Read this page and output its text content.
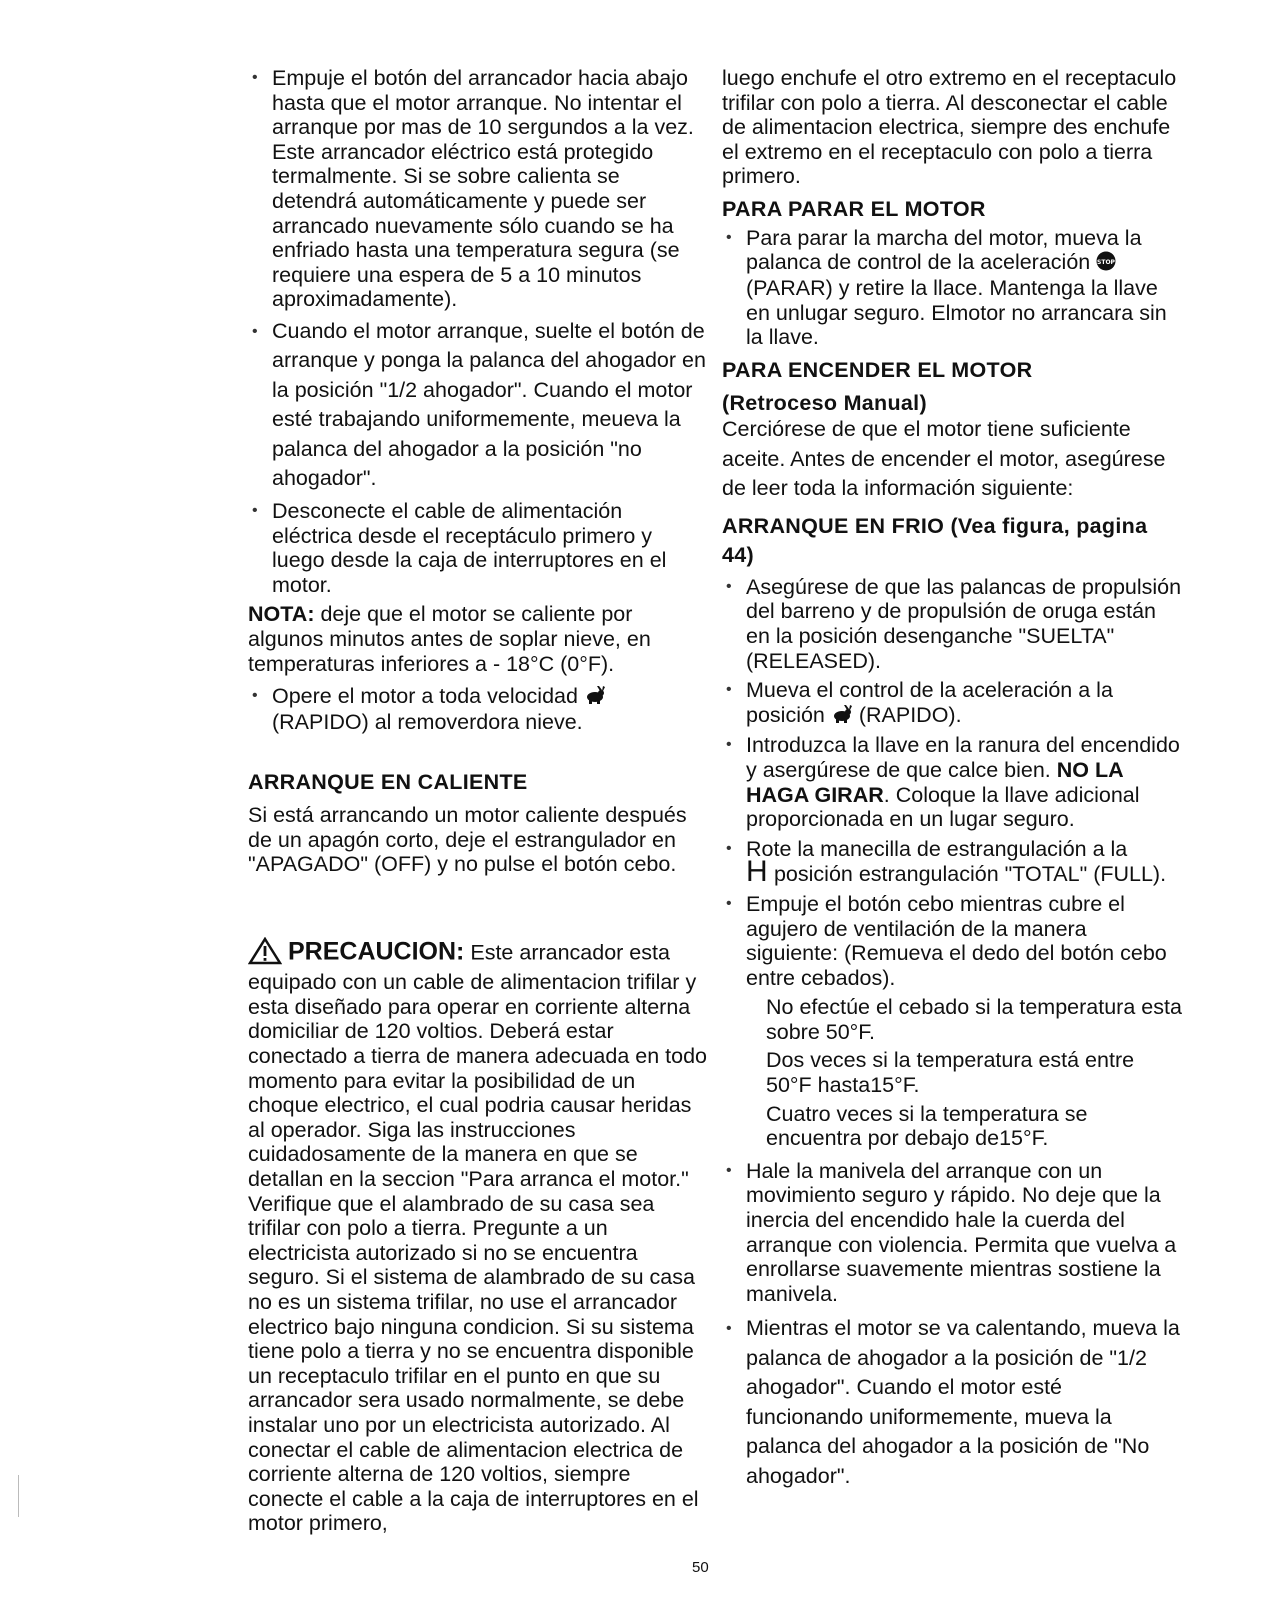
• Empuje el botón del arrancador hacia abajo hasta que el motor arranque. No intentar el arranque por mas de 10 sergundos a la vez. Este arrancador eléctrico está protegido termalmente. Si se sobre calienta se detendrá automáticamente y puede ser arrancado nuevamente sólo cuando se ha enfriado hasta una temperatura segura (se requiere una espera de 5 a 10 minutos aproximadamente).
• Cuando el motor arranque, suelte el botón de arranque y ponga la palanca del ahogador en la posición "1/2 ahogador". Cuando el motor esté trabajando uniformemente, meueva la palanca del ahogador a la posición "no ahogador".
• Desconecte el cable de alimentación eléctrica desde el receptáculo primero y luego desde la caja de interruptores en el motor.

NOTA: deje que el motor se caliente por algunos minutos antes de soplar nieve, en temperaturas inferiores a - 18°C (0°F).

• Opere el motor a toda velocidad  (RAPIDO) al removerdora nieve.

ARRANQUE EN CALIENTE

Si está arrancando un motor caliente después de un apagón corto, deje el estrangulador en "APAGADO" (OFF) y no pulse el botón cebo.

PRECAUCION: Este arrancador esta equipado con un cable de alimentacion trifilar y esta diseñado para operar en corriente alterna domiciliar de 120 voltios. Deberá estar conectado a tierra de manera adecuada en todo momento para evitar la posibilidad de un choque electrico, el cual podria causar heridas al operador. Siga las instrucciones cuidadosamente de la manera en que se detallan en la seccion "Para arranca el motor." Verifique que el alambrado de su casa sea trifilar con polo a tierra. Pregunte a un electricista autorizado si no se encuentra seguro. Si el sistema de alambrado de su casa no es un sistema trifilar, no use el arrancador electrico bajo ninguna condicion. Si su sistema tiene polo a tierra y no se encuentra disponible un receptaculo trifilar en el punto en que su arrancador sera usado normalmente, se debe instalar uno por un electricista autorizado. Al conectar el cable de alimentacion electrica de corriente alterna de 120 voltios, siempre conecte el cable a la caja de interruptores en el motor primero,

luego enchufe el otro extremo en el receptaculo trifilar con polo a tierra. Al desconectar el cable de alimentacion electrica, siempre des enchufe el extremo en el receptaculo con polo a tierra primero.

PARA PARAR EL MOTOR

• Para parar la marcha del motor, mueva la palanca de control de la aceleración STOP
(PARAR) y retire la llace. Mantenga la llave en unlugar seguro. Elmotor no arrancara sin la llave.

PARA ENCENDER EL MOTOR

(Retroceso Manual)

Cerciórese de que el motor tiene suficiente aceite. Antes de encender el motor, asegúrese de leer toda la información siguiente:

ARRANQUE EN FRIO (Vea figura, pagina 44)

• Asegúrese de que las palancas de propulsión del barreno y de propulsión de oruga están en la posición desenganche "SUELTA" (RELEASED).
• Mueva el control de la aceleración a la posición  (RAPIDO).
• Introduzca la llave en la ranura del encendido y asergúrese de que calce bien. NO LA HAGA GIRAR. Coloque la llave adicional proporcionada en un lugar seguro.
• Rote la manecilla de estrangulación a la
H posición estrangulación "TOTAL" (FULL).
• Empuje el botón cebo mientras cubre el agujero de ventilación de la manera siguiente: (Remueva el dedo del botón cebo entre cebados).

No efectúe el cebado si la temperatura esta sobre 50°F.

Dos veces si la temperatura está entre 50°F hasta15°F.

Cuatro veces si la temperatura se encuentra por debajo de15°F.

• Hale la manivela del arranque con un movimiento seguro y rápido. No deje que la inercia del encendido hale la cuerda del arranque con violencia. Permita que vuelva a enrollarse suavemente mientras sostiene la manivela.
• Mientras el motor se va calentando, mueva la palanca de ahogador a la posición de "1/2 ahogador". Cuando el motor esté funcionando uniformemente, mueva la palanca del ahogador a la posición de "No ahogador".
50
